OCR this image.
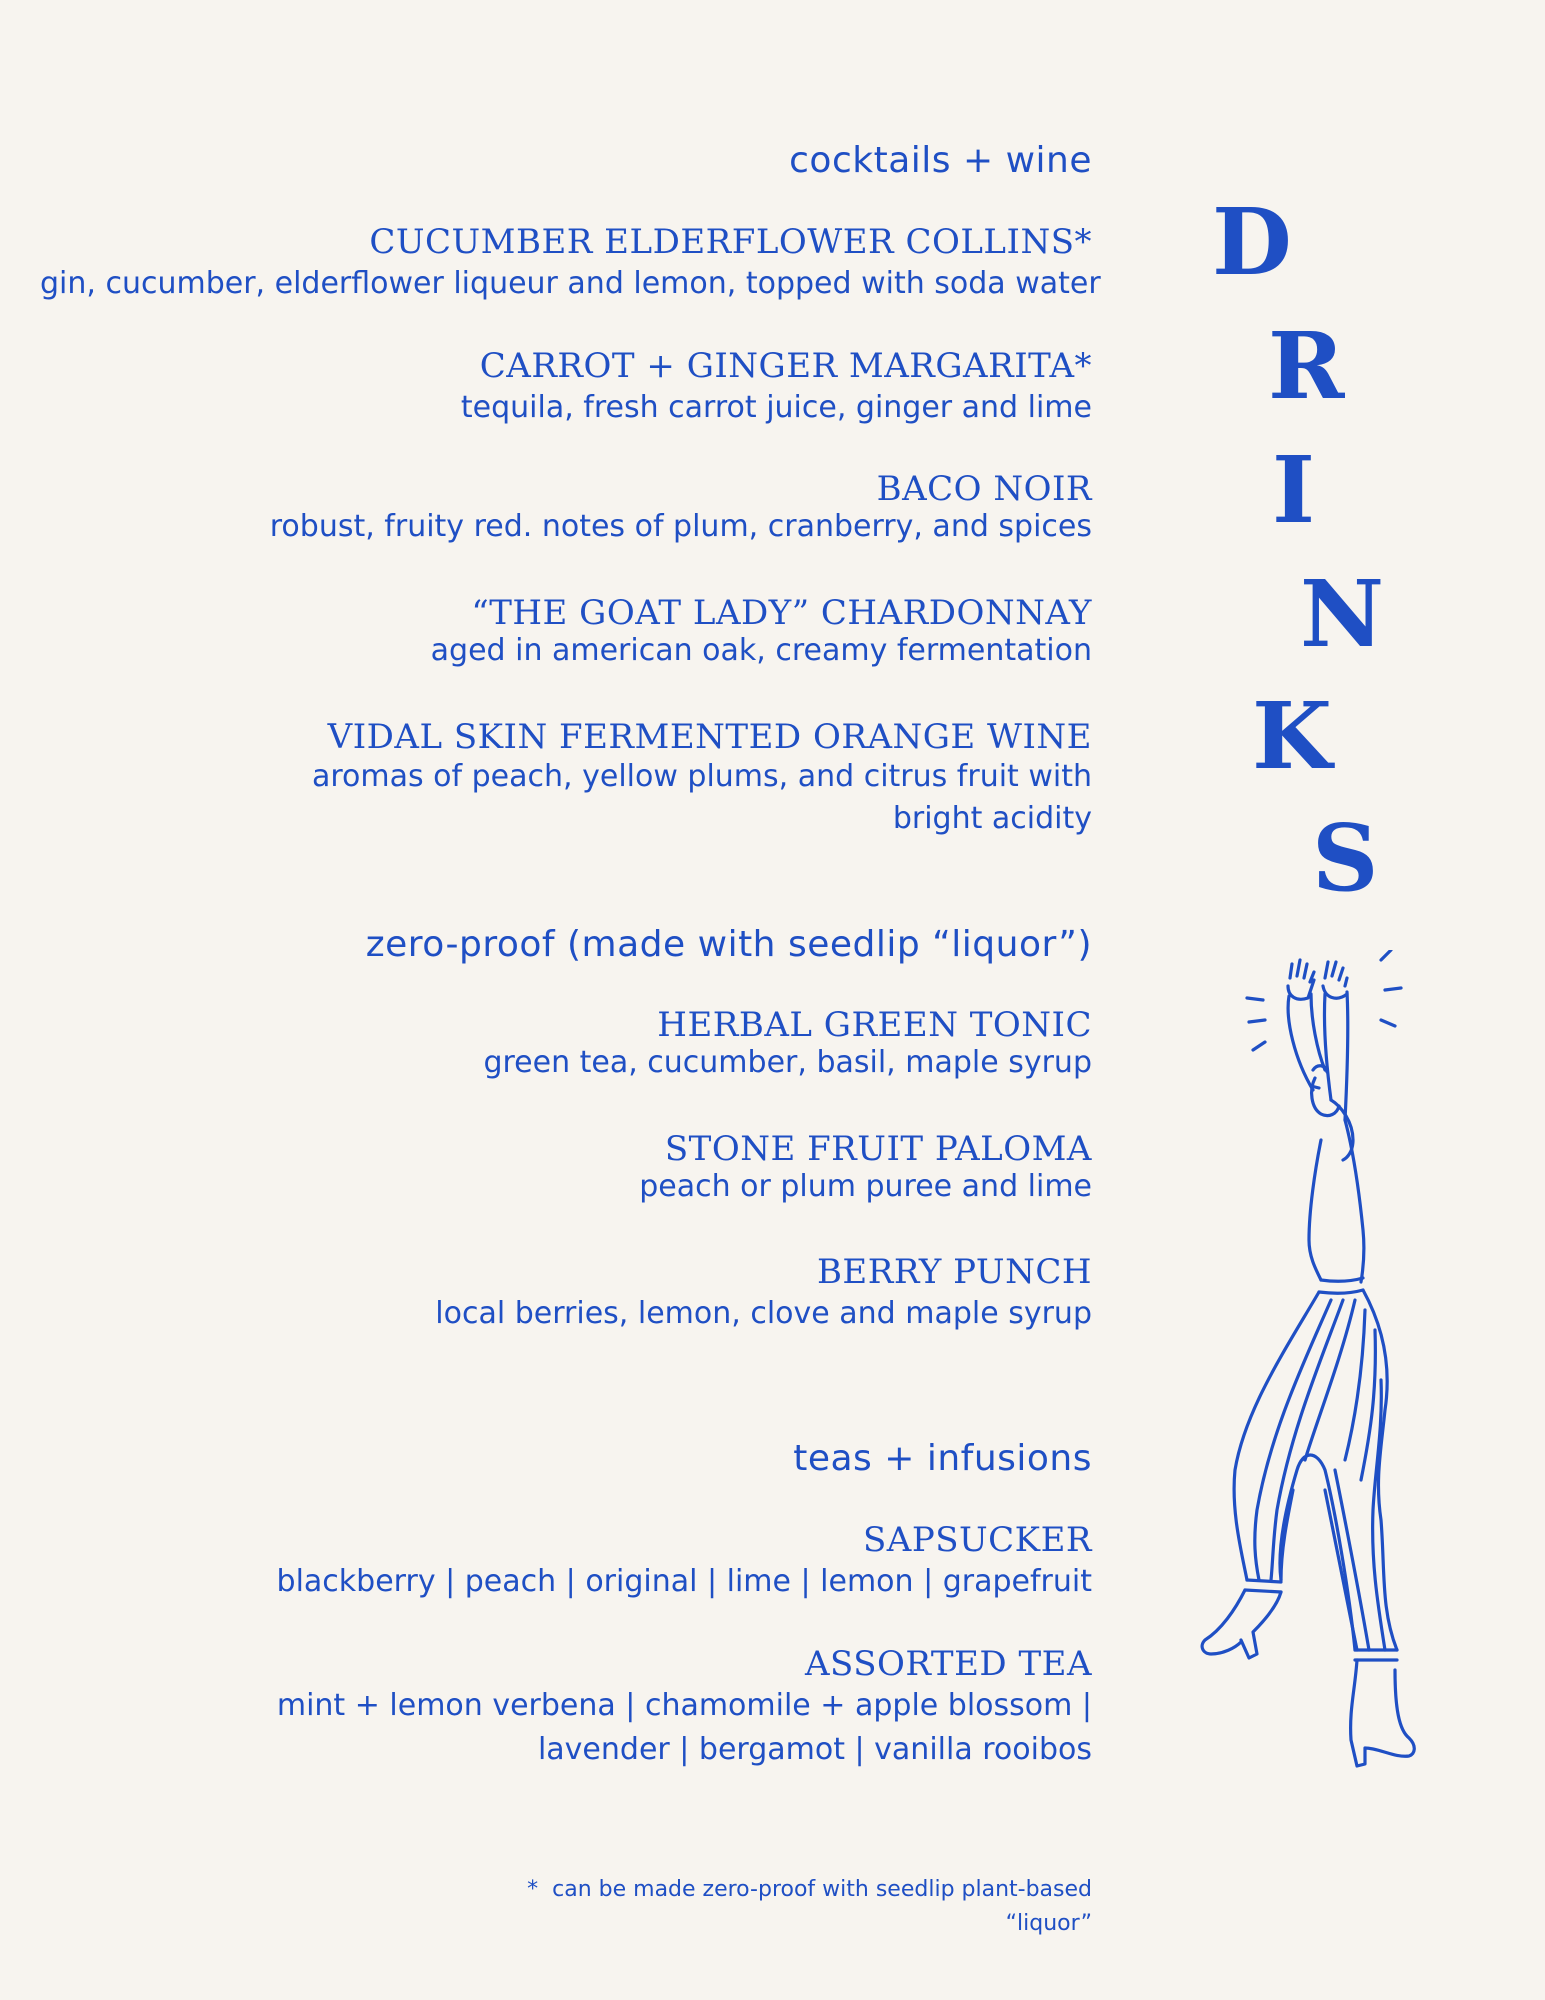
cocktails + wine
CUCUMBER ELDERFLOWER COLLINS*
gin, cucumber, elderflower liqueur and lemon, topped with soda water
CARROT + GINGER MARGARITA*
tequila, fresh carrot juice, ginger and lime
BACO NOIR
robust, fruity red. notes of plum, cranberry, and spices
“THE GOAT LADY” CHARDONNAY
aged in american oak, creamy fermentation
VIDAL SKIN FERMENTED ORANGE WINE
aromas of peach, yellow plums, and citrus fruit with
bright acidity
zero-proof (made with seedlip “liquor”)
HERBAL GREEN TONIC
green tea, cucumber, basil, maple syrup
STONE FRUIT PALOMA
peach or plum puree and lime
BERRY PUNCH
local berries, lemon, clove and maple syrup
teas + infusions
SAPSUCKER
blackberry | peach | original | lime | lemon | grapefruit
ASSORTED TEA
mint + lemon verbena | chamomile + apple blossom |
lavender | bergamot | vanilla rooibos
* can be made zero-proof with seedlip plant-based
“liquor”
D
R
I
N
K
S
